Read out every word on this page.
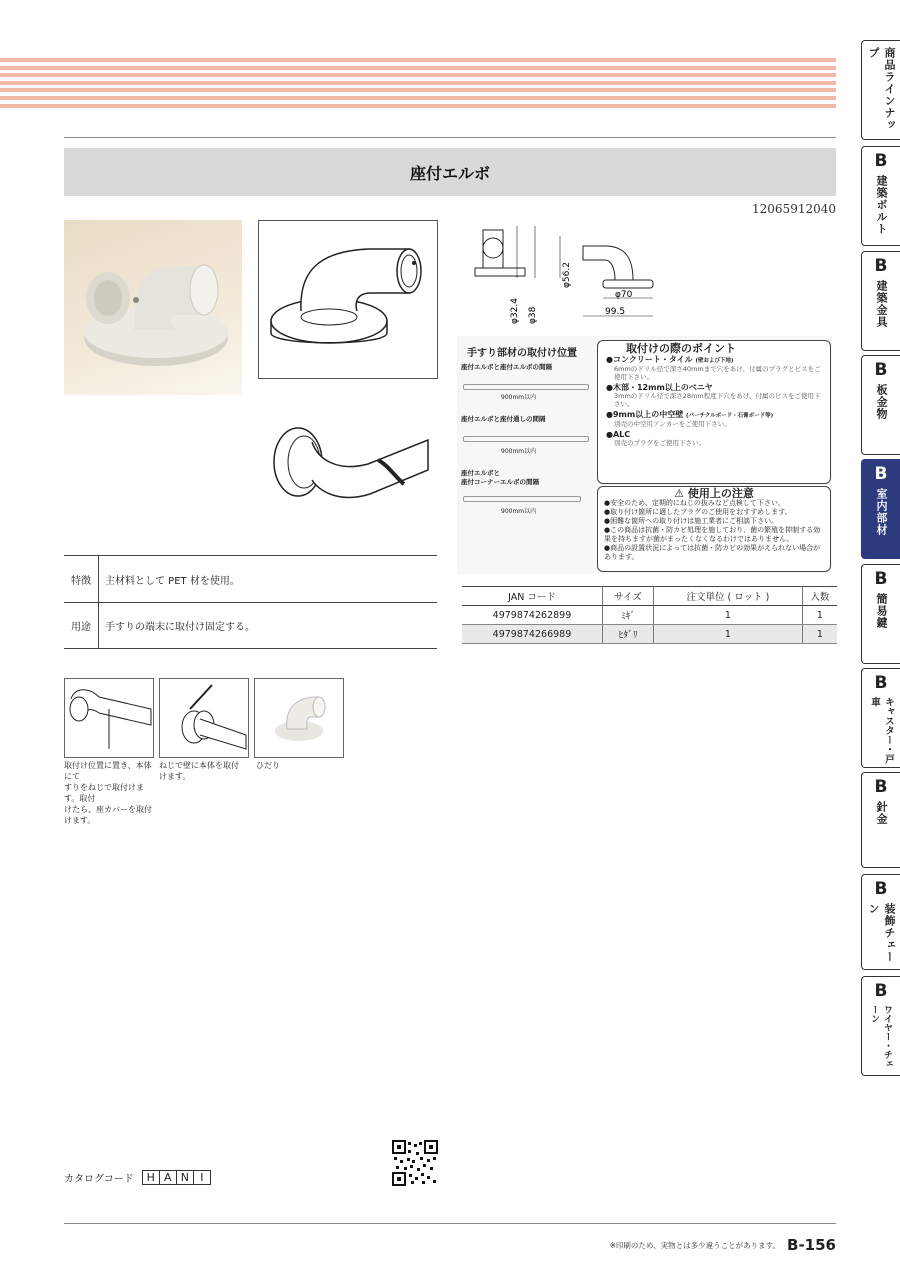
座付エルボ
12065912040
φ32.4 φ38
φ56.2
φ70
99.5
手すり部材の取付け位置
座付エルボと座付エルボの間隔
900mm以内
座付エルボと座付通しの間隔
900mm以内
座付エルボと
座付コーナーエルボの間隔
900mm以内
取付けの際のポイント
●コンクリート・タイル (壁および下地)
6mmのドリル径で深さ40mmまで穴をあけ、付属のプラグとビスをご使用下さい。
●木部・12mm以上のベニヤ
3mmのドリル径で深さ28mm程度下穴をあけ、付属のビスをご使用下さい。
●9mm以上の中空壁 (パーチクルボード・石膏ボード等)
別売の中空用アンカーをご使用下さい。
●ALC
別売のプラグをご使用下さい。
⚠ 使用上の注意
●安全のため、定期的にねじの抜みなど点検して下さい。
●取り付け箇所に適したプラグのご使用をおすすめします。
●困難な箇所への取り付けは施工業者にご相談下さい。
●この商品は抗菌・防カビ処理を施しており、菌の繁殖を抑制する効果を持ちますが菌がまったくなくなるわけではありません。
●商品の設置状況によっては抗菌・防カビの効果がえられない場合があります。
JAN コード	サイズ	注文単位 ( ロット )	入数
4979874262899	ﾐｷﾞ	1	1
4979874266989	ﾋﾀﾞﾘ	1	1
特徴	主材料として PET 材を使用。
用途	手すりの端末に取付け固定する。
取付け位置に置き、本体にて
すりをねじで取付けます。取付
けたら、座カバーを取付けます。
ねじで壁に本体を取付
けます。
ひだり
商品ラインナップ
B
建築ボルト
B
建築金具
B
板金物
B
室内部材
B
簡易鍵
B
キャスター・戸車
B
針金
B
装飾チェーン
B
ワイヤー・チェーン
カタログコード	H A N	I
※印刷のため、実物とは多少違うことがあります。 B-156
